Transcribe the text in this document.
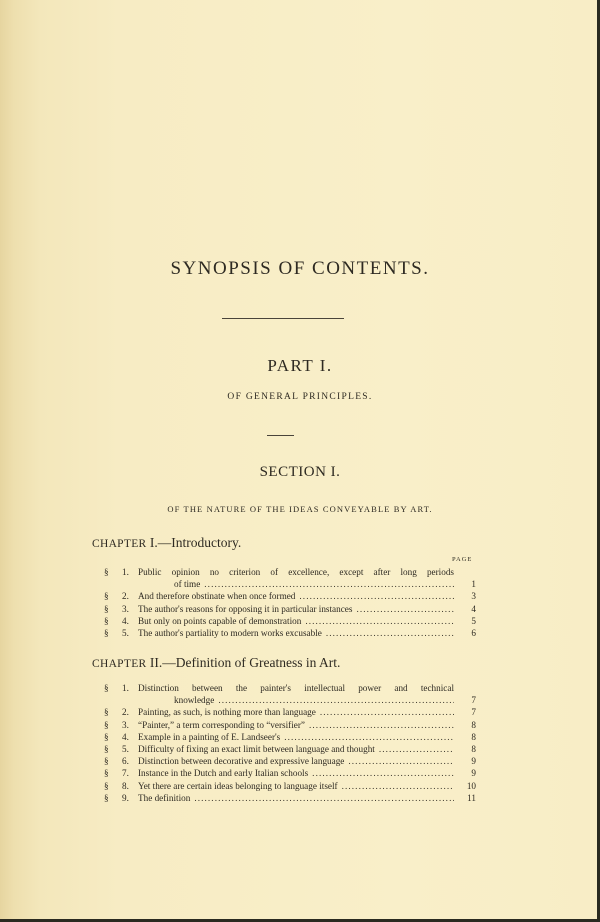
SYNOPSIS OF CONTENTS.
PART I.
OF GENERAL PRINCIPLES.
SECTION I.
OF THE NATURE OF THE IDEAS CONVEYABLE BY ART.
CHAPTER I.—Introductory.
PAGE
§	1. Public opinion no criterion of excellence, except after long periods
of time .....	1
§	2. And therefore obstinate when once formed .....	3
§	3. The author's reasons for opposing it in particular instances .....	4
§	4. But only on points capable of demonstration .....	5
§	5. The author's partiality to modern works excusable .....	6
CHAPTER II.—Definition of Greatness in Art.
§	1. Distinction between the painter's intellectual power and technical
knowledge .....	7
§	2. Painting, as such, is nothing more than language .....	7
§	3. “Painter,” a term corresponding to “versifier” .....	8
§	4. Example in a painting of E. Landseer's .....	8
§	5. Difficulty of fixing an exact limit between language and thought .....	8
§	6. Distinction between decorative and expressive language .....	9
§	7. Instance in the Dutch and early Italian schools .....	9
§	8. Yet there are certain ideas belonging to language itself .....	10
§	9. The definition .....	11
